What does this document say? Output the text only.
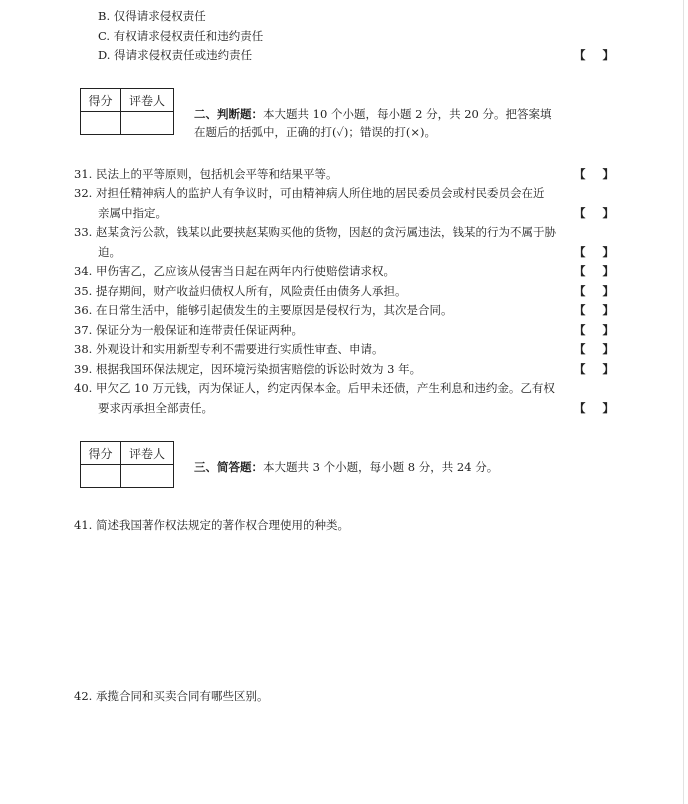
B. 仅得请求侵权责任
C. 有权请求侵权责任和违约责任
D. 得请求侵权责任或违约责任	【 】
得分	评卷人

二、判断题：本大题共 10 个小题，每小题 2 分，共 20 分。把答案填
在题后的括弧中，正确的打(✓)；错误的打(×)。
31. 民法上的平等原则，包括机会平等和结果平等。	【 】
32. 对担任精神病人的监护人有争议时，可由精神病人所住地的居民委员会或村民委员会在近
亲属中指定。	【 】
33. 赵某贪污公款，钱某以此要挟赵某购买他的货物，因赵的贪污属违法，钱某的行为不属于胁
迫。	【 】
34. 甲伤害乙，乙应该从侵害当日起在两年内行使赔偿请求权。	【 】
35. 提存期间，财产收益归债权人所有，风险责任由债务人承担。	【 】
36. 在日常生活中，能够引起债发生的主要原因是侵权行为，其次是合同。	【 】
37. 保证分为一般保证和连带责任保证两种。	【 】
38. 外观设计和实用新型专利不需要进行实质性审查、申请。	【 】
39. 根据我国环保法规定，因环境污染损害赔偿的诉讼时效为 3 年。	【 】
40. 甲欠乙 10 万元钱，丙为保证人，约定丙保本金。后甲未还债，产生利息和违约金。乙有权
要求丙承担全部责任。	【 】
得分	评卷人

三、简答题：本大题共 3 个小题，每小题 8 分，共 24 分。
41. 简述我国著作权法规定的著作权合理使用的种类。
42. 承揽合同和买卖合同有哪些区别。
